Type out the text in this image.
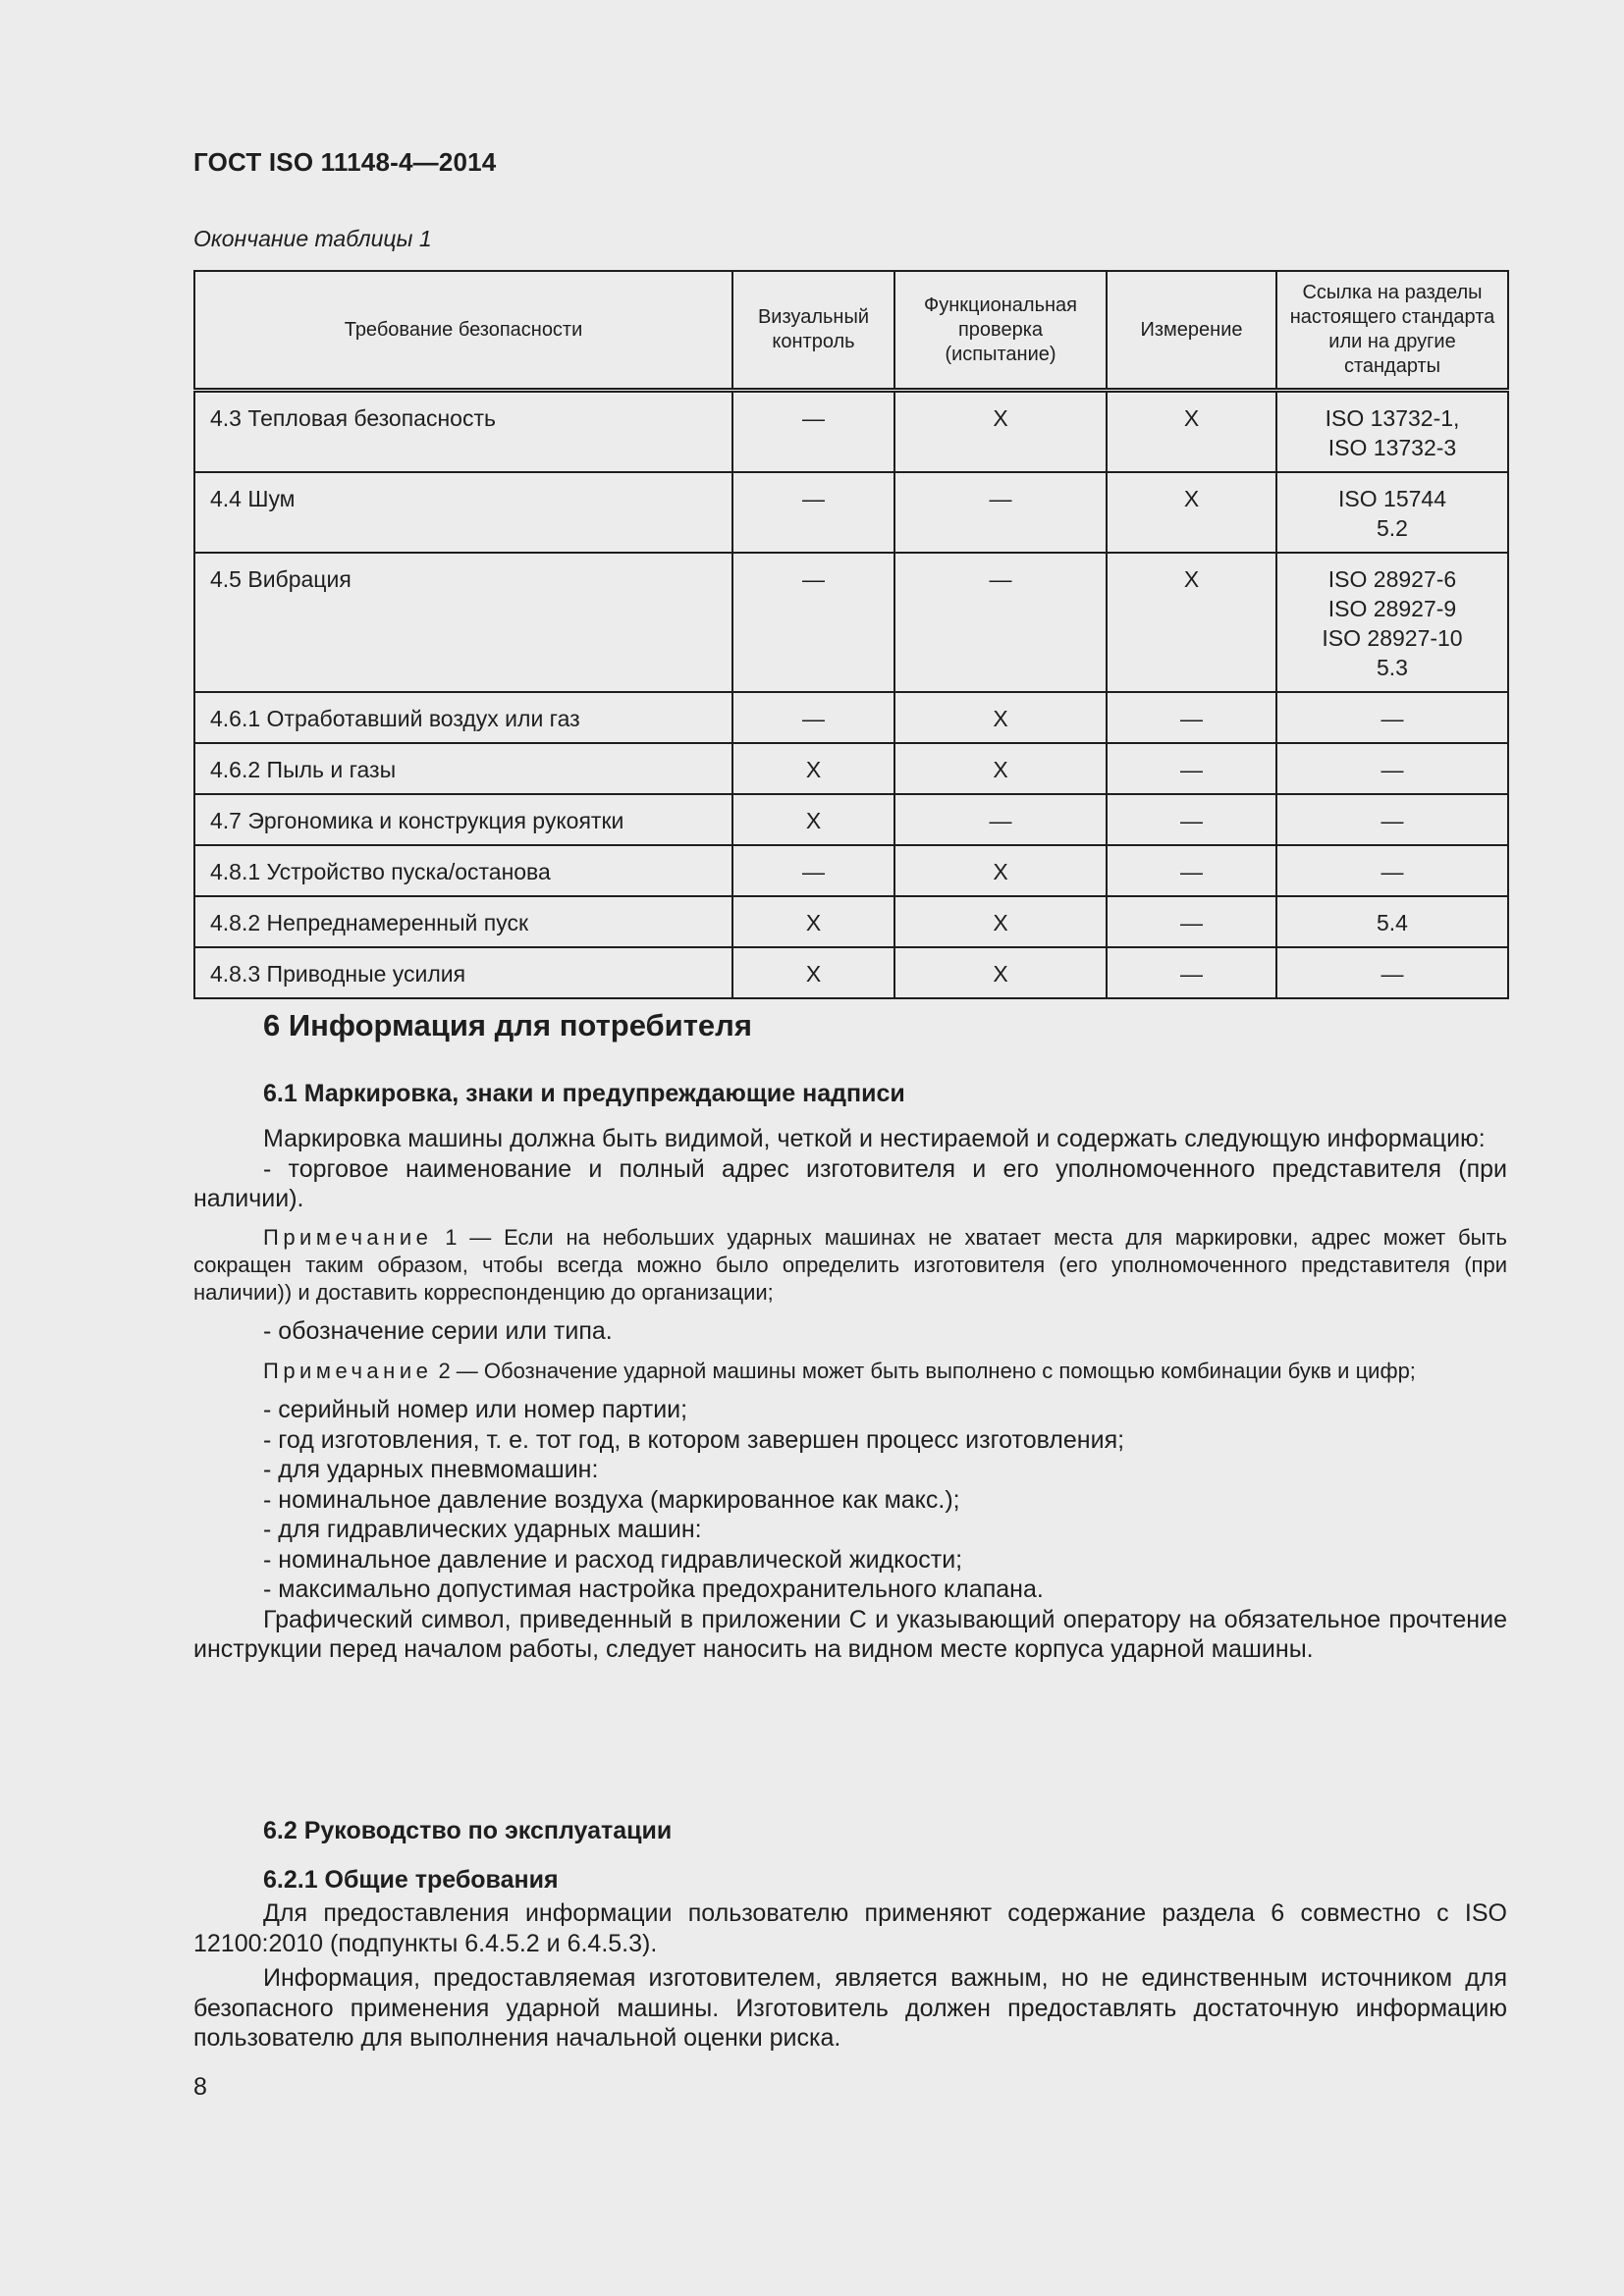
ГОСТ ISO 11148-4—2014
Окончание таблицы 1
Требование безопасности	Визуальный контроль	Функциональная проверка (испытание)	Измерение	Ссылка на разделы настоящего стандарта или на другие стандарты
4.3 Тепловая безопасность	—	X	X	ISO 13732-1,
ISO 13732-3
4.4 Шум	—	—	X	ISO 15744
5.2
4.5 Вибрация	—	—	X	ISO 28927-6
ISO 28927-9
ISO 28927-10
5.3
4.6.1 Отработавший воздух или газ	—	X	—	—
4.6.2 Пыль и газы	X	X	—	—
4.7 Эргономика и конструкция рукоятки	X	—	—	—
4.8.1 Устройство пуска/останова	—	X	—	—
4.8.2 Непреднамеренный пуск	X	X	—	5.4
4.8.3 Приводные усилия	X	X	—	—
6 Информация для потребителя
6.1 Маркировка, знаки и предупреждающие надписи

Маркировка машины должна быть видимой, четкой и нестираемой и содержать следующую информацию:

- торговое наименование и полный адрес изготовителя и его уполномоченного представителя (при наличии).

Примечание 1 — Если на небольших ударных машинах не хватает места для маркировки, адрес может быть сокращен таким образом, чтобы всегда можно было определить изготовителя (его уполномоченного представителя (при наличии)) и доставить корреспонденцию до организации;

- обозначение серии или типа.

Примечание 2 — Обозначение ударной машины может быть выполнено с помощью комбинации букв и цифр;

- серийный номер или номер партии;

- год изготовления, т. е. тот год, в котором завершен процесс изготовления;

- для ударных пневмомашин:

- номинальное давление воздуха (маркированное как макс.);

- для гидравлических ударных машин:

- номинальное давление и расход гидравлической жидкости;

- максимально допустимая настройка предохранительного клапана.

Графический символ, приведенный в приложении С и указывающий оператору на обязательное прочтение инструкции перед началом работы, следует наносить на видном месте корпуса ударной машины.

6.2 Руководство по эксплуатации
6.2.1 Общие требования

Для предоставления информации пользователю применяют содержание раздела 6 совместно с ISO 12100:2010 (подпункты 6.4.5.2 и 6.4.5.3).

Информация, предоставляемая изготовителем, является важным, но не единственным источником для безопасного применения ударной машины. Изготовитель должен предоставлять достаточную информацию пользователю для выполнения начальной оценки риска.

8
